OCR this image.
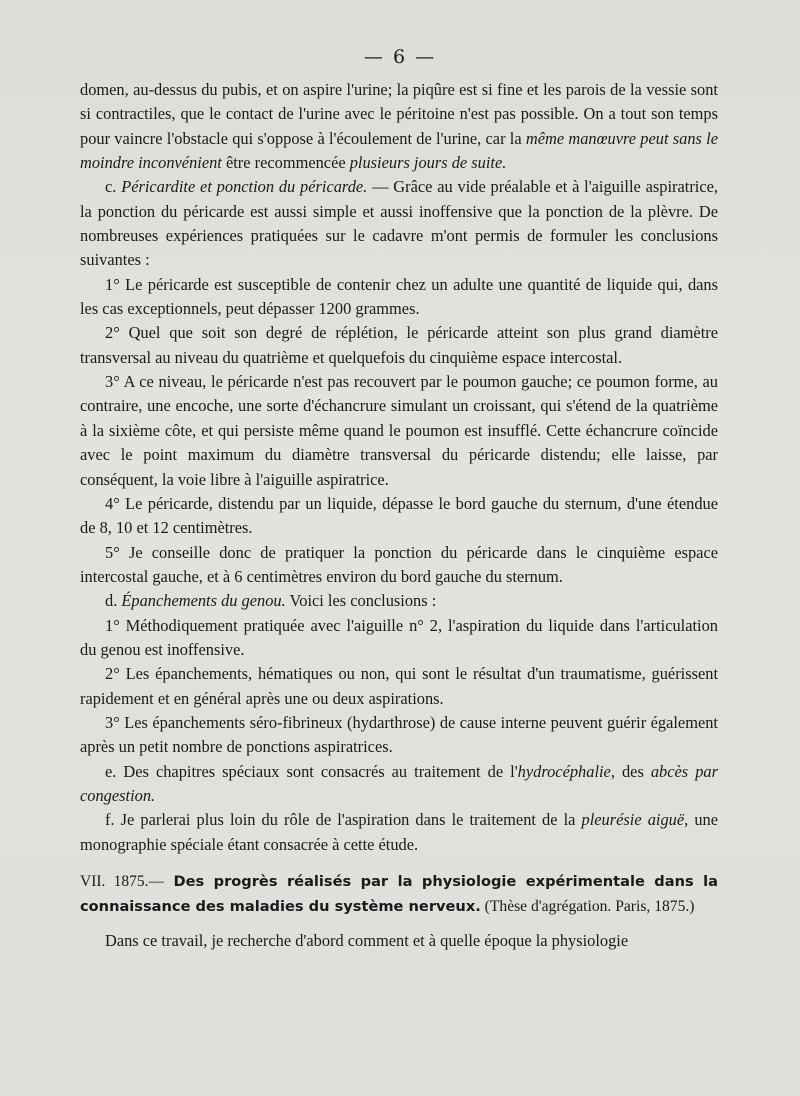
— 6 —

domen, au-dessus du pubis, et on aspire l'urine; la piqûre est si fine et les parois de la vessie sont si contractiles, que le contact de l'urine avec le péritoine n'est pas possible. On a tout son temps pour vaincre l'obstacle qui s'oppose à l'écoulement de l'urine, car la même manœuvre peut sans le moindre inconvénient être recommencée plusieurs jours de suite.

c. Péricardite et ponction du péricarde. — Grâce au vide préalable et à l'aiguille aspiratrice, la ponction du péricarde est aussi simple et aussi inoffensive que la ponction de la plèvre. De nombreuses expériences pratiquées sur le cadavre m'ont permis de formuler les conclusions suivantes :

1° Le péricarde est susceptible de contenir chez un adulte une quantité de liquide qui, dans les cas exceptionnels, peut dépasser 1200 grammes.

2° Quel que soit son degré de réplétion, le péricarde atteint son plus grand diamètre transversal au niveau du quatrième et quelquefois du cinquième espace intercostal.

3° A ce niveau, le péricarde n'est pas recouvert par le poumon gauche; ce poumon forme, au contraire, une encoche, une sorte d'échancrure simulant un croissant, qui s'étend de la quatrième à la sixième côte, et qui persiste même quand le poumon est insufflé. Cette échancrure coïncide avec le point maximum du diamètre transversal du péricarde distendu; elle laisse, par conséquent, la voie libre à l'aiguille aspiratrice.

4° Le péricarde, distendu par un liquide, dépasse le bord gauche du sternum, d'une étendue de 8, 10 et 12 centimètres.

5° Je conseille donc de pratiquer la ponction du péricarde dans le cinquième espace intercostal gauche, et à 6 centimètres environ du bord gauche du sternum.

d. Épanchements du genou. Voici les conclusions :

1° Méthodiquement pratiquée avec l'aiguille n° 2, l'aspiration du liquide dans l'articulation du genou est inoffensive.

2° Les épanchements, hématiques ou non, qui sont le résultat d'un traumatisme, guérissent rapidement et en général après une ou deux aspirations.

3° Les épanchements séro-fibrineux (hydarthrose) de cause interne peuvent guérir également après un petit nombre de ponctions aspiratrices.

e. Des chapitres spéciaux sont consacrés au traitement de l'hydrocéphalie, des abcès par congestion.

f. Je parlerai plus loin du rôle de l'aspiration dans le traitement de la pleurésie aiguë, une monographie spéciale étant consacrée à cette étude.

VII. 1875.— Des progrès réalisés par la physiologie expérimentale dans la connaissance des maladies du système nerveux. (Thèse d'agrégation. Paris, 1875.)

Dans ce travail, je recherche d'abord comment et à quelle époque la physiologie
